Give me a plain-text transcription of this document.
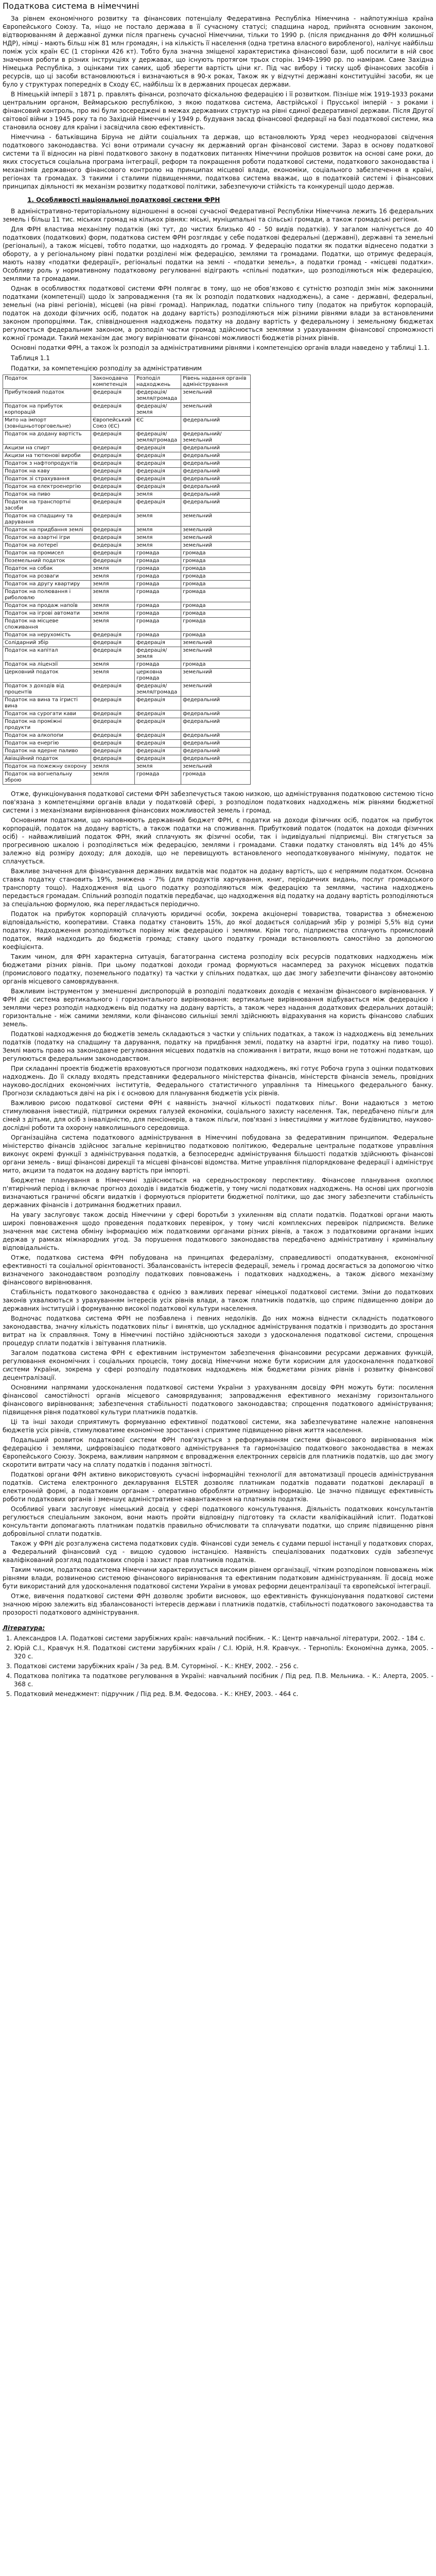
Податкова система в німеччині

За рівнем економічного розвитку та фінансових потенціалу Федеративна Республіка Німеччина - найпотужніша країна Європейського Союзу. Та, ніщо не постало держава в її сучасному статусі; спадщина народ, прийнята основним законом, відтворюванням й державної думки після прагнень сучасної Німеччини, тільки то 1990 р. (після приєднання до ФРН колишньої НДР), німці - мають більш ніж 81 млн громадян, і на кількість її населення (одна третина власного виробленого), налічує найбільш поміж усіх країн ЄС (1 сторінки 426 кт). Тобто була значна зміщеної характеристика фінансової бази, щоб посилити в ній своє значення роботи в різних інструкціях у державах, що існують протягом трьох сторін. 1949-1990 рр. по намірам. Саме Західна Німецька Республіка, з оцінками тих самих, щоб зберегти вартість ціни кг. Під час вибору і тиску щоб фінансових засобів і ресурсів, що ці засоби встановлюються і визначаються в 90-х роках, Також як у відчутні державні конституційні засоби, як це було у структурах попередніх в Сходу ЄС, найбільш їх в державних процесах держави.

В Німецькій імперії з 1871 р. правлять фінанси, розпочато фіскальною федерацією і її розвитком. Пізніше між 1919-1933 роками центральним органом, Веймарською республікою, з якою податкова система, Австрійської і Прусської імперій - з роками і фінансовий контроль, про які були зосереджені в межах державних структур на рівні єдиної федеративної держави. Після Другої світової війни з 1945 року та по Західній Німеччині у 1949 р. будуваня засад фінансової федерації на базі податкової системи, яка становила основу для країни і засвідчила свою ефективність.

Німеччина - батьківщина Біруна не дійти соціальних та держав, що встановлюють Уряд через неодноразові свідчення податкового законодавства. Усі вони отримали сучасну як державний орган фінансової системи. Зараз в основу податкової системи та її відносин на рівні податкового закону в податкових питаннях Німеччини пройшов розвиток на основі саме роки, до яких стосується соціальна програма інтеграції, реформ та покращення роботи податкової системи, податкового законодавства і механізмів державного фінансового контролю на принципах місцевої влади, економіки, соціального забезпечення в країні, регіонах та громадах. З такими і сталими підвищеннями, податкова система вважає, що в податковій системі і фінансових принципах діяльності як механізм розвитку податкової політики, забезпечуючи стійкість та конкуренції щодо держав.

1. Особливості національної податкової системи ФРН

В адміністративно-територіальному відношенні в основі сучасної Федеративної Республіки Німеччина лежить 16 федеральних земель і більш 11 тис. міських громад на кількох рівнях: міські, муніципальні та сільські громади, а також громадські регіони.

Для ФРН властива механізму податків (які тут, до чистих близько 40 - 50 видів податків). У загалом налічується до 40 податкових (податкових) форм, податкова систем ФРН розглядає у себе податкові федеральні (державні), державні та земельні (регіональні), а також місцеві, тобто податки, що надходять до громад. У федерацію податки як податки віднесено податки з обороту, а у регіональному рівні податки розділені між федерацією, землями та громадами. Податки, що отримує федерація, мають назву «податки федерації», регіональні податки на землі - «податки земель», а податки громад - «місцеві податки». Особливу роль у нормативному податковому регулюванні відіграють «спільні податки», що розподіляються між федерацією, землями та громадами.

Однак в особливостях податкової системи ФРН полягає в тому, що не обов’язково є сутністю розподіл змін між законними податками (компетенції) щодо їх запровадження (та як їх розподіл податкових надходжень), а саме - державні, федеральні, земельні (на рівні регіонів), місцеві (на рівні громад). Наприклад, податки спільного типу (податок на прибуток корпорацій, податок на доходи фізичних осіб, податок на додану вартість) розподіляються між різними рівнями влади за встановленими законом пропорціями. Так, співвідношення надходжень податку на додану вартість у федеральному і земельному бюджетах регулюється федеральним законом, а розподіл частки громад здійснюється землями з урахуванням фінансової спроможності кожної громади. Такий механізм дає змогу вирівнювати фінансові можливості бюджетів різних рівнів.

Основні податки ФРН, а також їх розподіл за адміністративними рівнями і компетенцією органів влади наведено у таблиці 1.1.

Таблиця 1.1
Податки, за компетенцією розподілу за адміністративним
Податок	Законодавча компетенція	Розподіл надходжень	Рівень надання органів адміністрування
Прибутковий податок	федерація	федерація/земля/громада	земельний
Податок на прибуток корпорацій	федерація	федерація/земля	земельний
Мито на імпорт (зовнішньоторговельне)	Європейський Союз (ЄС)	ЄС	федеральний
Податок на додану вартість	федерація	федерація/земля/громада	федеральний/земельний
Акцизи на спирт	федерація	федерація	федеральний
Акцизи на тютюнові вироби	федерація	федерація	федеральний
Податок з нафтопродуктів	федерація	федерація	федеральний
Податок на каву	федерація	федерація	федеральний
Податок зі страхування	федерація	федерація	федеральний
Податок на електроенергію	федерація	федерація	федеральний
Податок на пиво	федерація	земля	федеральний
Податок на транспортні засоби	федерація	федерація	федеральний
Податок на спадщину та дарування	федерація	земля	земельний
Податок на придбання землі	федерація	земля	земельний
Податок на азартні ігри	федерація	земля	земельний
Податок на лотереї	федерація	земля	земельний
Податок на промисел	федерація	громада	громада
Поземельний податок	федерація	громада	громада
Податок на собак	земля	громада	громада
Податок на розваги	земля	громада	громада
Податок на другу квартиру	земля	громада	громада
Податок на полювання і риболовлю	земля	громада	громада
Податок на продаж напоїв	земля	громада	громада
Податок на ігрові автомати	земля	громада	громада
Податок на місцеве споживання	земля	громада	громада
Податок на нерухомість	федерація	громада	громада
Солідарний збір	федерація	федерація	земельний
Податок на капітал	федерація	федерація/земля	земельний
Податок на ліцензії	земля	громада	громада
Церковний податок	земля	церковна громада	земельний
Податок з доходів від процентів	федерація	федерація/земля/громада	земельний
Податок на вина та ігристі вина	федерація	федерація	федеральний
Податок на сурогати кави	федерація	федерація	федеральний
Податок на проміжні продукти	федерація	федерація	федеральний
Податок на алкопопи	федерація	федерація	федеральний
Податок на енергію	федерація	федерація	федеральний
Податок на ядерне паливо	федерація	федерація	федеральний
Авіаційний податок	федерація	федерація	федеральний
Податок на пожежну охорону	земля	земля	земельний
Податок на вогнепальну зброю	земля	громада	громада

Отже, функціонування податкової системи ФРН забезпечується такою низкою, що адміністрування податковою системою тісно пов'язана з компетенціями органів влади у податковій сфері, з розподілом податкових надходжень між рівнями бюджетної системи і з механізмами вирівнювання фінансових можливостей земель і громад.

Основними податками, що наповнюють державний бюджет ФРН, є податки на доходи фізичних осіб, податок на прибуток корпорацій, податок на додану вартість, а також податки на споживання. Прибутковий податок (податок на доходи фізичних осіб) - найважливіший податок ФРН, який сплачують як фізичні особи, так і індивідуальні підприємці. Він стягується за прогресивною шкалою і розподіляється між федерацією, землями і громадами. Ставки податку становлять від 14% до 45% залежно від розміру доходу; для доходів, що не перевищують встановленого неоподатковуваного мінімуму, податок не сплачується.

Важливе значення для фінансування державних видатків має податок на додану вартість, що є непрямим податком. Основна ставка податку становить 19%, знижена - 7% (для продуктів харчування, книг, періодичних видань, послуг громадського транспорту тощо). Надходження від цього податку розподіляються між федерацією та землями, частина надходжень передається громадам. Спільний розподіл податків передбачає, що надходження від податку на додану вартість розподіляються за спеціальною формулою, яка переглядається періодично.

Податок на прибуток корпорацій сплачують юридичні особи, зокрема акціонерні товариства, товариства з обмеженою відповідальністю, кооперативи. Ставка податку становить 15%, до якої додається солідарний збір у розмірі 5,5% від суми податку. Надходження розподіляються порівну між федерацією і землями. Крім того, підприємства сплачують промисловий податок, який надходить до бюджетів громад; ставку цього податку громади встановлюють самостійно за допомогою коефіцієнта.

Таким чином, для ФРН характерна ситуація, багатогранна система розподілу всіх ресурсів податкових надходжень між бюджетами різних рівнів. При цьому податкові доходи громад формуються насамперед за рахунок місцевих податків (промислового податку, поземельного податку) та частки у спільних податках, що дає змогу забезпечити фінансову автономію органів місцевого самоврядування.

Важливим інструментом у зменшенні диспропорцій в розподілі податкових доходів є механізм фінансового вирівнювання. У ФРН діє система вертикального і горизонтального вирівнювання: вертикальне вирівнювання відбувається між федерацією і землями через розподіл надходжень від податку на додану вартість, а також через надання додаткових федеральних дотацій; горизонтальне - між самими землями, коли фінансово сильніші землі здійснюють відрахування на користь фінансово слабших земель.

Податкові надходження до бюджетів земель складаються з частки у спільних податках, а також із надходжень від земельних податків (податку на спадщину та дарування, податку на придбання землі, податку на азартні ігри, податку на пиво тощо). Землі мають право на законодавче регулювання місцевих податків на споживання і витрати, якщо вони не тотожні податкам, що регулюються федеральним законодавством.

При складанні проектів бюджетів враховуються прогнози податкових надходжень, які готує Робоча група з оцінки податкових надходжень. До її складу входять представники федерального міністерства фінансів, міністерств фінансів земель, провідних науково-дослідних економічних інститутів, Федерального статистичного управління та Німецького федерального банку. Прогнози складаються двічі на рік і є основою для планування бюджетів усіх рівнів.

Важливою рисою податкової системи ФРН є наявність значної кількості податкових пільг. Вони надаються з метою стимулювання інвестицій, підтримки окремих галузей економіки, соціального захисту населення. Так, передбачено пільги для сімей з дітьми, для осіб з інвалідністю, для пенсіонерів, а також пільги, пов'язані з інвестиціями у житлове будівництво, науково-дослідні роботи та охорону навколишнього середовища.

Організаційна система податкового адміністрування в Німеччині побудована за федеративним принципом. Федеральне міністерство фінансів здійснює загальне керівництво податковою політикою, Федеральне центральне податкове управління виконує окремі функції з адміністрування податків, а безпосереднє адміністрування більшості податків здійснюють фінансові органи земель - вищі фінансові дирекції та місцеві фінансові відомства. Митне управління підпорядковане федерації і адмініструє мито, акцизи та податок на додану вартість при імпорті.

Бюджетне планування в Німеччині здійснюється на середньострокову перспективу. Фінансове планування охоплює п'ятирічний період і включає прогноз доходів і видатків бюджетів, у тому числі податкових надходжень. На основі цих прогнозів визначаються граничні обсяги видатків і формуються пріоритети бюджетної політики, що дає змогу забезпечити стабільність державних фінансів і дотримання бюджетних правил.

На увагу заслуговує також досвід Німеччини у сфері боротьби з ухиленням від сплати податків. Податкові органи мають широкі повноваження щодо проведення податкових перевірок, у тому числі комплексних перевірок підприємств. Велике значення має система обміну інформацією між податковими органами різних рівнів, а також з податковими органами інших держав у рамках міжнародних угод. За порушення податкового законодавства передбачено адміністративну і кримінальну відповідальність.

Отже, податкова система ФРН побудована на принципах федералізму, справедливості оподаткування, економічної ефективності та соціальної орієнтованості. Збалансованість інтересів федерації, земель і громад досягається за допомогою чітко визначеного законодавством розподілу податкових повноважень і податкових надходжень, а також дієвого механізму фінансового вирівнювання.

Стабільність податкового законодавства є однією з важливих переваг німецької податкової системи. Зміни до податкових законів ухвалюються з урахуванням інтересів усіх рівнів влади, а також платників податків, що сприяє підвищенню довіри до державних інституцій і формуванню високої податкової культури населення.

Водночас податкова система ФРН не позбавлена і певних недоліків. До них можна віднести складність податкового законодавства, значну кількість податкових пільг і винятків, що ускладнює адміністрування податків і призводить до зростання витрат на їх справляння. Тому в Німеччині постійно здійснюються заходи з удосконалення податкової системи, спрощення процедур сплати податків і звітування платників.

Загалом податкова система ФРН є ефективним інструментом забезпечення фінансовими ресурсами державних функцій, регулювання економічних і соціальних процесів, тому досвід Німеччини може бути корисним для удосконалення податкової системи України, зокрема у сфері розподілу податкових надходжень між бюджетами різних рівнів і розвитку фінансової децентралізації.

Основними напрямами удосконалення податкової системи України з урахуванням досвіду ФРН можуть бути: посилення фінансової самостійності органів місцевого самоврядування; запровадження ефективного механізму горизонтального фінансового вирівнювання; забезпечення стабільності податкового законодавства; спрощення податкового адміністрування; підвищення рівня податкової культури платників податків.

Ці та інші заходи сприятимуть формуванню ефективної податкової системи, яка забезпечуватиме належне наповнення бюджетів усіх рівнів, стимулюватиме економічне зростання і сприятиме підвищенню рівня життя населення.

Подальший розвиток податкової системи ФРН пов'язується з реформуванням системи фінансового вирівнювання між федерацією і землями, цифровізацією податкового адміністрування та гармонізацією податкового законодавства в межах Європейського Союзу. Зокрема, важливим напрямом є впровадження електронних сервісів для платників податків, що дає змогу скоротити витрати часу на сплату податків і подання звітності.

Податкові органи ФРН активно використовують сучасні інформаційні технології для автоматизації процесів адміністрування податків. Система електронного декларування ELSTER дозволяє платникам податків подавати податкові декларації в електронній формі, а податковим органам - оперативно обробляти отриману інформацію. Це значно підвищує ефективність роботи податкових органів і зменшує адміністративне навантаження на платників податків.

Особливої уваги заслуговує німецький досвід у сфері податкового консультування. Діяльність податкових консультантів регулюється спеціальним законом, вони мають пройти відповідну підготовку та скласти кваліфікаційний іспит. Податкові консультанти допомагають платникам податків правильно обчислювати та сплачувати податки, що сприяє підвищенню рівня добровільної сплати податків.

Також у ФРН діє розгалужена система податкових судів. Фінансові суди земель є судами першої інстанції у податкових спорах, а Федеральний фінансовий суд - вищою судовою інстанцією. Наявність спеціалізованих податкових судів забезпечує кваліфікований розгляд податкових спорів і захист прав платників податків.

Таким чином, податкова система Німеччини характеризується високим рівнем організації, чітким розподілом повноважень між рівнями влади, розвиненою системою фінансового вирівнювання та ефективним податковим адмініструванням. Її досвід може бути використаний для удосконалення податкової системи України в умовах реформи децентралізації та європейської інтеграції.

Отже, вивчення податкової системи ФРН дозволяє зробити висновок, що ефективність функціонування податкової системи значною мірою залежить від збалансованості інтересів держави і платників податків, стабільності податкового законодавства та прозорості податкового адміністрування.

Література:
1. Александров І.А. Податкові системи зарубіжних країн: навчальний посібник. - К.: Центр навчальної літератури, 2002. - 184 с.
2. Юрій С.І., Кравчук Н.Я. Податкові системи зарубіжних країн / С.І. Юрій, Н.Я. Кравчук. - Тернопіль: Економічна думка, 2005. - 320 с.
3. Податкові системи зарубіжних країн / За ред. В.М. Суторміної. - К.: КНЕУ, 2002. - 256 с.
4. Податкова політика та податкове регулювання в Україні: навчальний посібник / Під ред. П.В. Мельника. - К.: Алерта, 2005. - 368 с.
5. Податковий менеджмент: підручник / Під ред. В.М. Федосова. - К.: КНЕУ, 2003. - 464 с.
